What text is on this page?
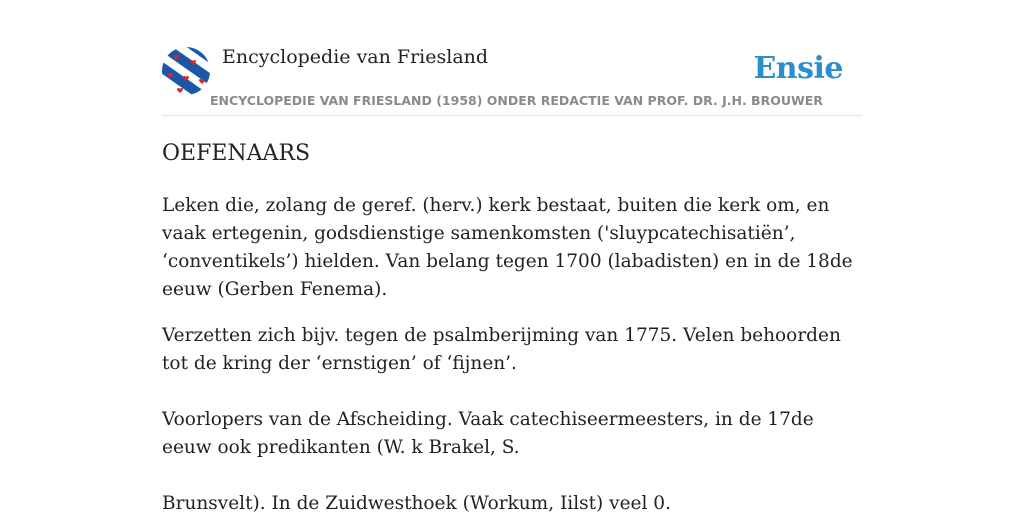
Encyclopedie van Friesland	Ensie
ENCYCLOPEDIE VAN FRIESLAND (1958) ONDER REDACTIE VAN PROF. DR. J.H. BROUWER
OEFENAARS

Leken die, zolang de geref. (herv.) kerk bestaat, buiten die kerk om, en vaak ertegenin, godsdienstige samenkomsten ('sluypcatechisatiën’, ‘conventikels’) hielden. Van belang tegen 1700 (labadisten) en in de 18de eeuw (Gerben Fenema).

Verzetten zich bijv. tegen de psalmberijming van 1775. Velen behoorden tot de kring der ‘ernstigen’ of ‘fijnen’.

Voorlopers van de Afscheiding. Vaak catechiseermeesters, in de 17de eeuw ook predikanten (W. k Brakel, S.

Brunsvelt). In de Zuidwesthoek (Workum, Iilst) veel 0.
